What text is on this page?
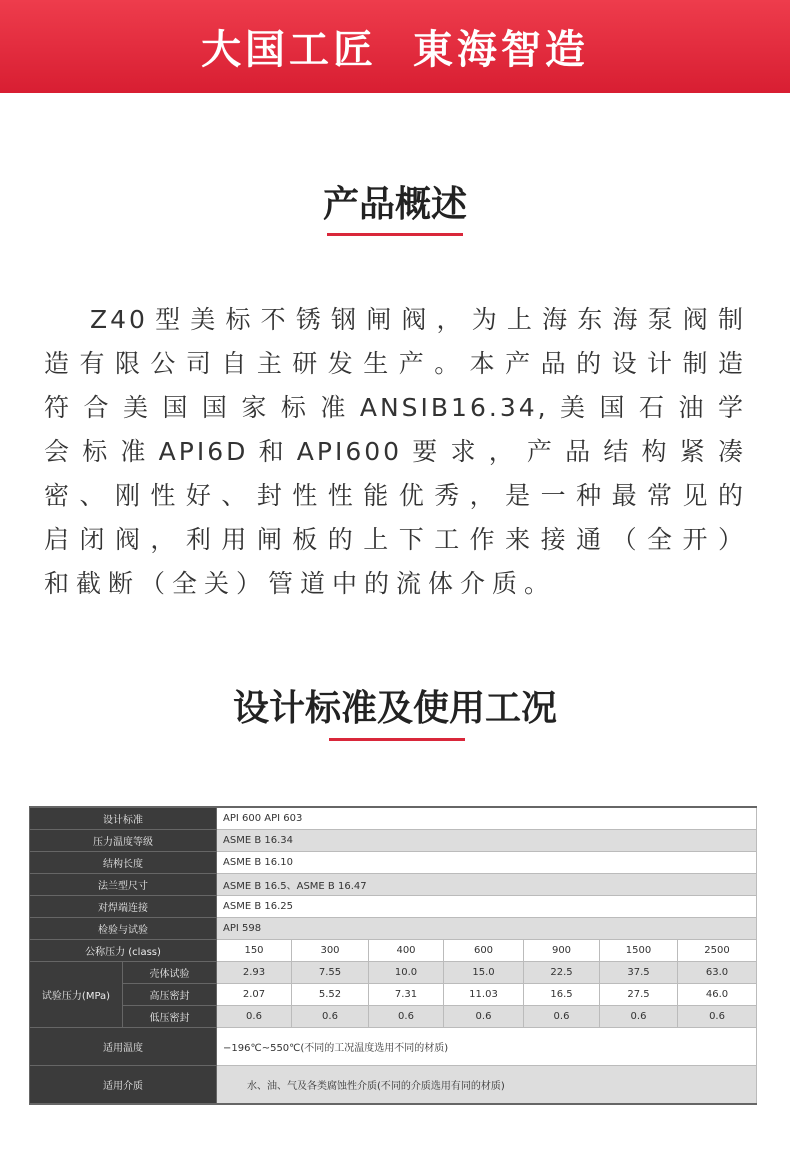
大国工匠  東海智造
产品概述
Z40型美标不锈钢闸阀，为上海东海泵阀制
造有限公司自主研发生产。本产品的设计制造
符合美国国家标准ANSIB16.34,美国石油学
会标准API6D和API600要求，产品结构紧凑
密、刚性好、封性性能优秀，是一种最常见的
启闭阀，利用闸板的上下工作来接通（全开）
和截断（全关）管道中的流体介质。
设计标准及使用工况
设计标准		API 600 API 603						
压力温度等级		ASME B 16.34						
结构长度		ASME B 16.10						
法兰型尺寸		ASME B 16.5、ASME B 16.47						
对焊端连接		ASME B 16.25						
检验与试验		API 598						
公称压力 (class)		150	300	400	600	900	1500	2500
试验压力(MPa)	壳体试验	2.93	7.55	10.0	15.0	22.5	37.5	63.0
	高压密封	2.07	5.52	7.31	11.03	16.5	27.5	46.0
	低压密封	0.6	0.6	0.6	0.6	0.6	0.6	0.6
适用温度		−196℃~550℃(不同的工况温度选用不同的材质)						
适用介质		水、油、气及各类腐蚀性介质(不同的介质选用有同的材质)						
